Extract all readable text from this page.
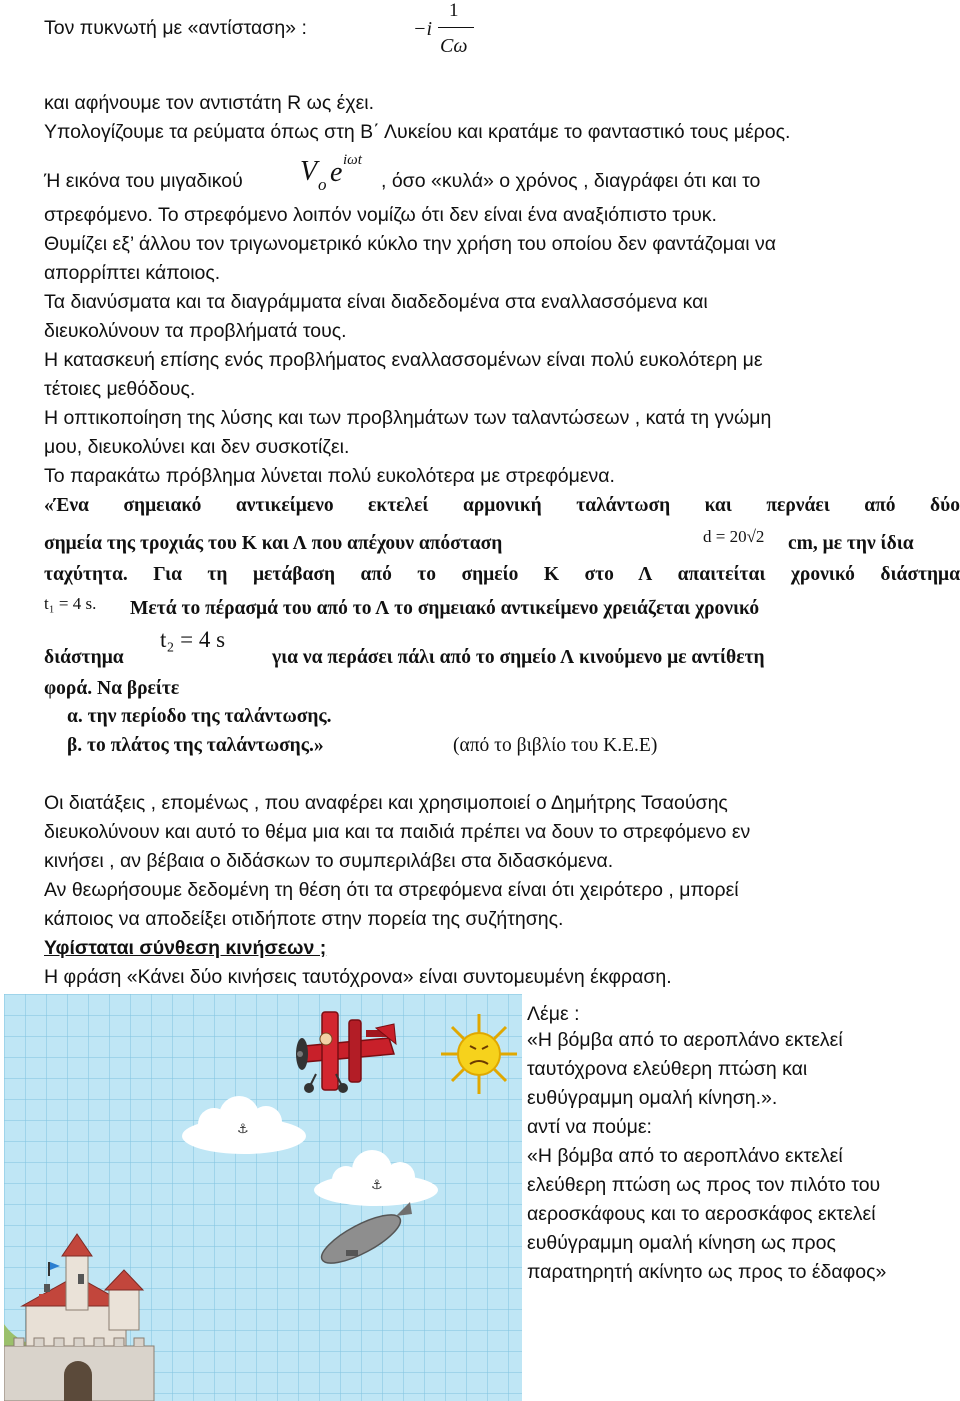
Τον πυκνωτή με «αντίσταση» :	−i
1
Cω
και αφήνουμε τον αντιστάτη R ως έχει.
Υπολογίζουμε τα ρεύματα όπως στη Β΄ Λυκείου και κρατάμε το φανταστικό τους μέρος.
Ή εικόνα του μιγαδικού V o e iωt
, όσο «κυλά» ο χρόνος , διαγράφει ότι και το
στρεφόμενο. Το στρεφόμενο λοιπόν νομίζω ότι δεν είναι ένα αναξιόπιστο τρυκ.
Θυμίζει εξ’ άλλου τον τριγωνομετρικό κύκλο την χρήση του οποίου δεν φαντάζομαι να
απορρίπτει κάποιος.
Τα διανύσματα και τα διαγράμματα είναι διαδεδομένα στα εναλλασσόμενα και
διευκολύνουν τα προβλήματά τους.
Η κατασκευή επίσης ενός προβλήματος εναλλασσομένων είναι πολύ ευκολότερη με
τέτοιες μεθόδους.
Η οπτικοποίηση της λύσης και των προβλημάτων των ταλαντώσεων , κατά τη γνώμη
μου, διευκολύνει και δεν συσκοτίζει.
Το παρακάτω πρόβλημα λύνεται πολύ ευκολότερα με στρεφόμενα.
«Ένα σημειακό αντικείμενο εκτελεί αρμονική ταλάντωση και περνάει από δύο
σημεία της τροχιάς του Κ και Λ που απέχουν απόσταση	d = 20√2 cm, με την ίδια
ταχύτητα. Για τη μετάβαση από το σημείο Κ στο Λ απαιτείται χρονικό διάστημα
t₁ = 4 s. Μετά το πέρασμά του από το Λ το σημειακό αντικείμενο χρειάζεται χρονικό
διάστημα
t₂ = 4 s
για να περάσει πάλι από το σημείο Λ κινούμενο με αντίθετη
φορά. Να βρείτε
α. την περίοδο της ταλάντωσης.
β. το πλάτος της ταλάντωσης.»	(από το βιβλίο του Κ.Ε.Ε)
Οι διατάξεις , επομένως , που αναφέρει και χρησιμοποιεί ο Δημήτρης Τσαούσης
διευκολύνουν και αυτό το θέμα μια και τα παιδιά πρέπει να δουν το στρεφόμενο εν
κινήσει , αν βέβαια ο διδάσκων το συμπεριλάβει στα διδασκόμενα.
Αν θεωρήσουμε δεδομένη τη θέση ότι τα στρεφόμενα είναι ότι χειρότερο , μπορεί
κάποιος να αποδείξει οτιδήποτε στην πορεία της συζήτησης.
Υφίσταται σύνθεση κινήσεων ;
Η φράση «Κάνει δύο κινήσεις ταυτόχρονα» είναι συντομευμένη έκφραση.
⚓
⚓
Λέμε :
«Η βόμβα από το αεροπλάνο εκτελεί
ταυτόχρονα ελεύθερη πτώση και
ευθύγραμμη ομαλή κίνηση.».
αντί να πούμε:
«Η βόμβα από το αεροπλάνο εκτελεί
ελεύθερη πτώση ως προς τον πιλότο του
αεροσκάφους και το αεροσκάφος εκτελεί
ευθύγραμμη ομαλή κίνηση ως προς
παρατηρητή ακίνητο ως προς το έδαφος»
